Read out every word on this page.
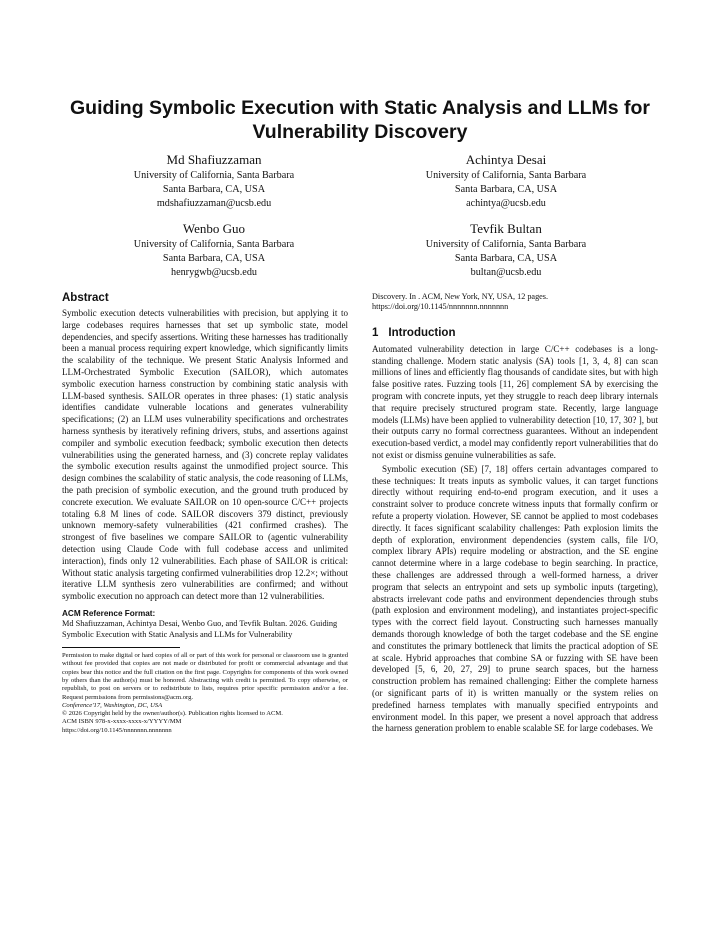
Guiding Symbolic Execution with Static Analysis and LLMs for Vulnerability Discovery
Md Shafiuzzaman
University of California, Santa Barbara
Santa Barbara, CA, USA
mdshafiuzzaman@ucsb.edu
Achintya Desai
University of California, Santa Barbara
Santa Barbara, CA, USA
achintya@ucsb.edu
Wenbo Guo
University of California, Santa Barbara
Santa Barbara, CA, USA
henrygwb@ucsb.edu
Tevfik Bultan
University of California, Santa Barbara
Santa Barbara, CA, USA
bultan@ucsb.edu
Abstract

Symbolic execution detects vulnerabilities with precision, but applying it to large codebases requires harnesses that set up symbolic state, model dependencies, and specify assertions. Writing these harnesses has traditionally been a manual process requiring expert knowledge, which significantly limits the scalability of the technique. We present Static Analysis Informed and LLM-Orchestrated Symbolic Execution (SAILOR), which automates symbolic execution harness construction by combining static analysis with LLM-based synthesis. SAILOR operates in three phases: (1) static analysis identifies candidate vulnerable locations and generates vulnerability specifications; (2) an LLM uses vulnerability specifications and orchestrates harness synthesis by iteratively refining drivers, stubs, and assertions against compiler and symbolic execution feedback; symbolic execution then detects vulnerabilities using the generated harness, and (3) concrete replay validates the symbolic execution results against the unmodified project source. This design combines the scalability of static analysis, the code reasoning of LLMs, the path precision of symbolic execution, and the ground truth produced by concrete execution. We evaluate SAILOR on 10 open-source C/C++ projects totaling 6.8 M lines of code. SAILOR discovers 379 distinct, previously unknown memory-safety vulnerabilities (421 confirmed crashes). The strongest of five baselines we compare SAILOR to (agentic vulnerability detection using Claude Code with full codebase access and unlimited interaction), finds only 12 vulnerabilities. Each phase of SAILOR is critical: Without static analysis targeting confirmed vulnerabilities drop 12.2×; without iterative LLM synthesis zero vulnerabilities are confirmed; and without symbolic execution no approach can detect more than 12 vulnerabilities.

ACM Reference Format:

Md Shafiuzzaman, Achintya Desai, Wenbo Guo, and Tevfik Bultan. 2026. Guiding Symbolic Execution with Static Analysis and LLMs for Vulnerability

Permission to make digital or hard copies of all or part of this work for personal or classroom use is granted without fee provided that copies are not made or distributed for profit or commercial advantage and that copies bear this notice and the full citation on the first page. Copyrights for components of this work owned by others than the author(s) must be honored. Abstracting with credit is permitted. To copy otherwise, or republish, to post on servers or to redistribute to lists, requires prior specific permission and/or a fee. Request permissions from permissions@acm.org.

Conference'17, Washington, DC, USA

© 2026 Copyright held by the owner/author(s). Publication rights licensed to ACM.

ACM ISBN 978-x-xxxx-xxxx-x/YYYY/MM

https://doi.org/10.1145/nnnnnnn.nnnnnnn

Discovery. In . ACM, New York, NY, USA, 12 pages. https://doi.org/10.1145/nnnnnnn.nnnnnnn

1 Introduction

Automated vulnerability detection in large C/C++ codebases is a long-standing challenge. Modern static analysis (SA) tools [1, 3, 4, 8] can scan millions of lines and efficiently flag thousands of candidate sites, but with high false positive rates. Fuzzing tools [11, 26] complement SA by exercising the program with concrete inputs, yet they struggle to reach deep library internals that require precisely structured program state. Recently, large language models (LLMs) have been applied to vulnerability detection [10, 17, 30? ], but their outputs carry no formal correctness guarantees. Without an independent execution-based verdict, a model may confidently report vulnerabilities that do not exist or dismiss genuine vulnerabilities as safe.

Symbolic execution (SE) [7, 18] offers certain advantages compared to these techniques: It treats inputs as symbolic values, it can target functions directly without requiring end-to-end program execution, and it uses a constraint solver to produce concrete witness inputs that formally confirm or refute a property violation. However, SE cannot be applied to most codebases directly. It faces significant scalability challenges: Path explosion limits the depth of exploration, environment dependencies (system calls, file I/O, complex library APIs) require modeling or abstraction, and the SE engine cannot determine where in a large codebase to begin searching. In practice, these challenges are addressed through a well-formed harness, a driver program that selects an entrypoint and sets up symbolic inputs (targeting), abstracts irrelevant code paths and environment dependencies through stubs (path explosion and environment modeling), and instantiates project-specific types with the correct field layout. Constructing such harnesses manually demands thorough knowledge of both the target codebase and the SE engine and constitutes the primary bottleneck that limits the practical adoption of SE at scale. Hybrid approaches that combine SA or fuzzing with SE have been developed [5, 6, 20, 27, 29] to prune search spaces, but the harness construction problem has remained challenging: Either the complete harness (or significant parts of it) is written manually or the system relies on predefined harness templates with manually specified entrypoints and environment model. In this paper, we present a novel approach that address the harness generation problem to enable scalable SE for large codebases. We
